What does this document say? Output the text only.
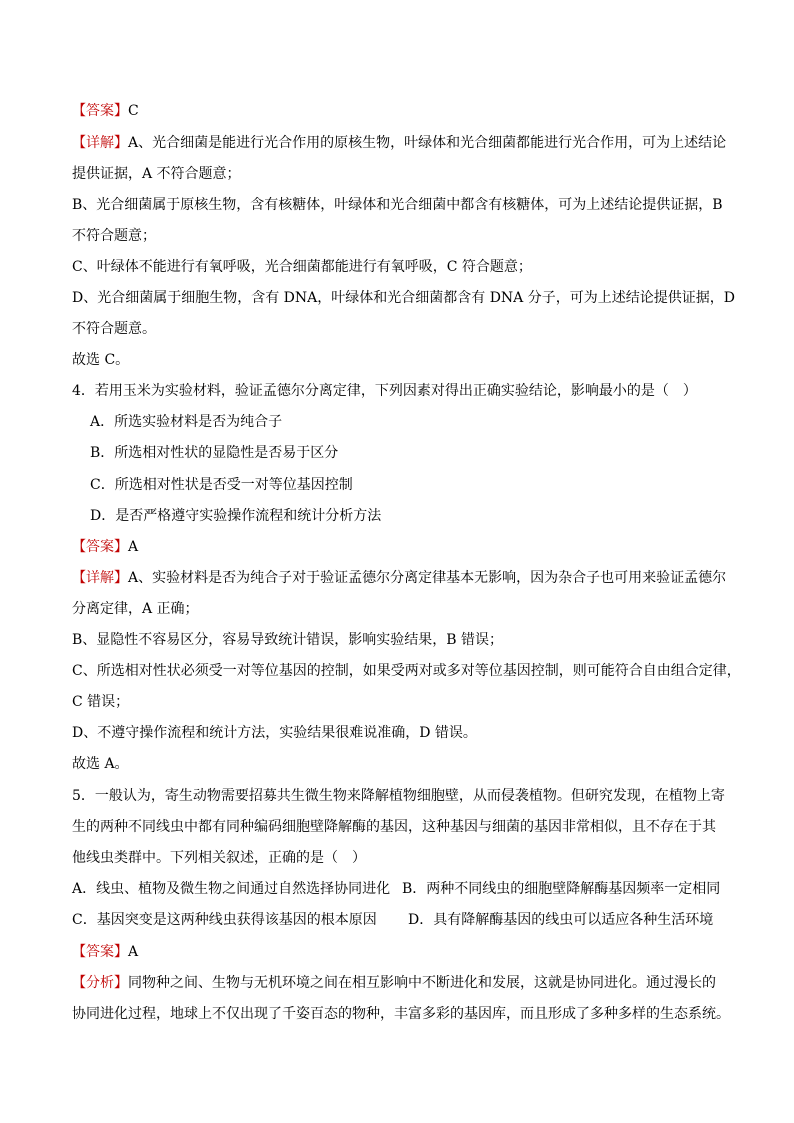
【答案】C
【详解】A、光合细菌是能进行光合作用的原核生物，叶绿体和光合细菌都能进行光合作用，可为上述结论
提供证据，A 不符合题意；
B、光合细菌属于原核生物，含有核糖体，叶绿体和光合细菌中都含有核糖体，可为上述结论提供证据，B
不符合题意；
C、叶绿体不能进行有氧呼吸，光合细菌都能进行有氧呼吸，C 符合题意；
D、光合细菌属于细胞生物，含有 DNA，叶绿体和光合细菌都含有 DNA 分子，可为上述结论提供证据，D
不符合题意。
故选 C。
4．若用玉米为实验材料，验证孟德尔分离定律，下列因素对得出正确实验结论，影响最小的是（　）
A．所选实验材料是否为纯合子
B．所选相对性状的显隐性是否易于区分
C．所选相对性状是否受一对等位基因控制
D．是否严格遵守实验操作流程和统计分析方法
【答案】A
【详解】A、实验材料是否为纯合子对于验证孟德尔分离定律基本无影响，因为杂合子也可用来验证孟德尔
分离定律，A 正确；
B、显隐性不容易区分，容易导致统计错误，影响实验结果，B 错误；
C、所选相对性状必须受一对等位基因的控制，如果受两对或多对等位基因控制，则可能符合自由组合定律，
C 错误；
D、不遵守操作流程和统计方法，实验结果很难说准确，D 错误。
故选 A。
5．一般认为，寄生动物需要招募共生微生物来降解植物细胞壁，从而侵袭植物。但研究发现，在植物上寄
生的两种不同线虫中都有同种编码细胞壁降解酶的基因，这种基因与细菌的基因非常相似，且不存在于其
他线虫类群中。下列相关叙述，正确的是（　）
A．线虫、植物及微生物之间通过自然选择协同进化 B．两种不同线虫的细胞壁降解酶基因频率一定相同
C．基因突变是这两种线虫获得该基因的根本原因 D．具有降解酶基因的线虫可以适应各种生活环境
【答案】A
【分析】同物种之间、生物与无机环境之间在相互影响中不断进化和发展，这就是协同进化。通过漫长的
协同进化过程，地球上不仅出现了千姿百态的物种，丰富多彩的基因库，而且形成了多种多样的生态系统。
